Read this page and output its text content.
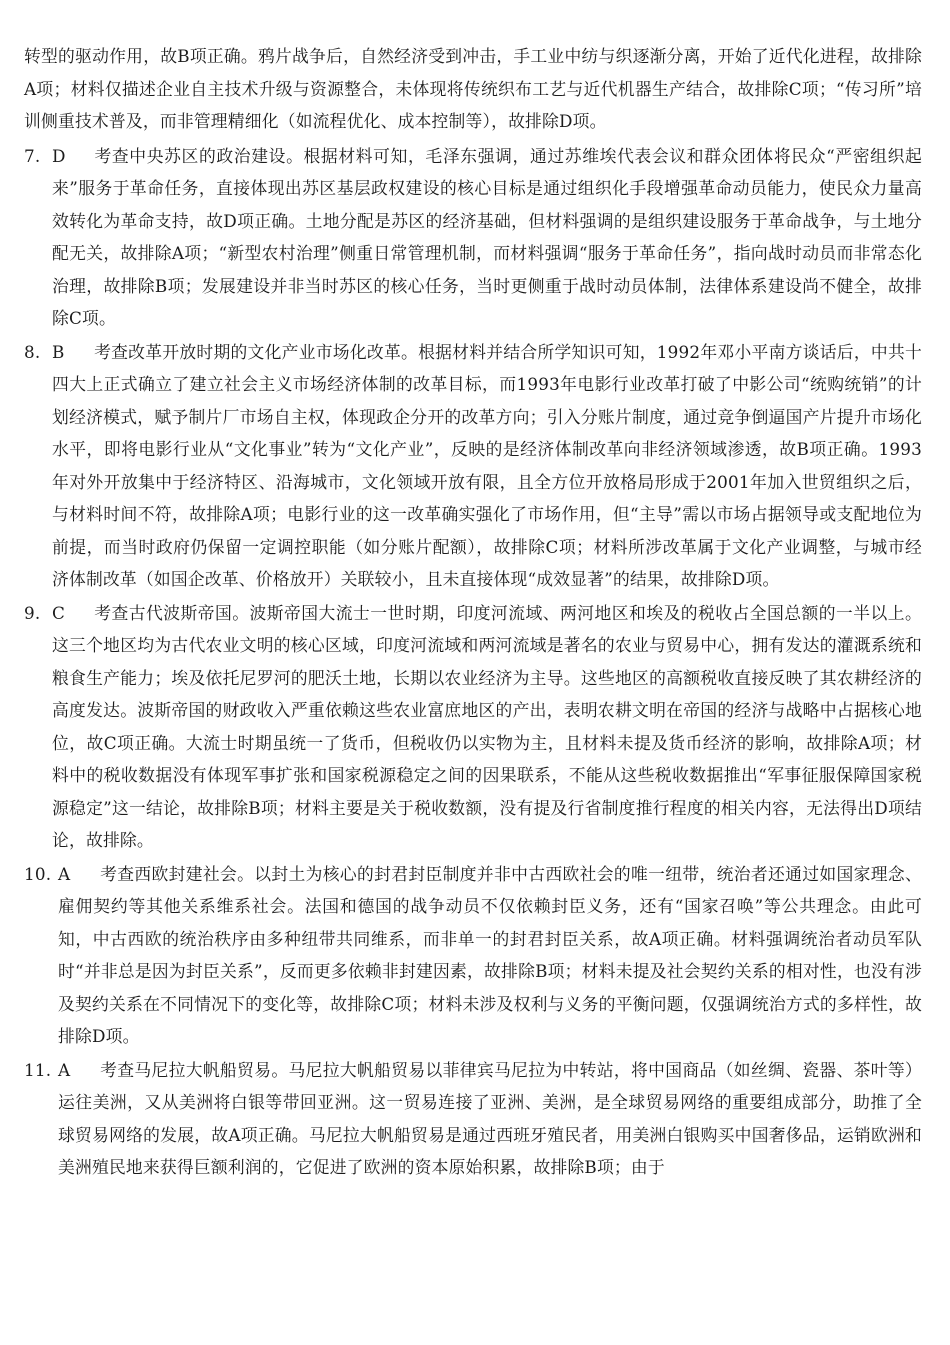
转型的驱动作用，故B项正确。鸦片战争后，自然经济受到冲击，手工业中纺与织逐渐分离，开始了近代化进程，故排除A项；材料仅描述企业自主技术升级与资源整合，未体现将传统织布工艺与近代机器生产结合，故排除C项；“传习所”培训侧重技术普及，而非管理精细化（如流程优化、成本控制等），故排除D项。

7. D 考查中央苏区的政治建设。根据材料可知，毛泽东强调，通过苏维埃代表会议和群众团体将民众“严密组织起来”服务于革命任务，直接体现出苏区基层政权建设的核心目标是通过组织化手段增强革命动员能力，使民众力量高效转化为革命支持，故D项正确。土地分配是苏区的经济基础，但材料强调的是组织建设服务于革命战争，与土地分配无关，故排除A项；“新型农村治理”侧重日常管理机制，而材料强调“服务于革命任务”，指向战时动员而非常态化治理，故排除B项；发展建设并非当时苏区的核心任务，当时更侧重于战时动员体制，法律体系建设尚不健全，故排除C项。
8. B 考查改革开放时期的文化产业市场化改革。根据材料并结合所学知识可知，1992年邓小平南方谈话后，中共十四大上正式确立了建立社会主义市场经济体制的改革目标，而1993年电影行业改革打破了中影公司“统购统销”的计划经济模式，赋予制片厂市场自主权，体现政企分开的改革方向；引入分账片制度，通过竞争倒逼国产片提升市场化水平，即将电影行业从“文化事业”转为“文化产业”，反映的是经济体制改革向非经济领域渗透，故B项正确。1993年对外开放集中于经济特区、沿海城市，文化领域开放有限，且全方位开放格局形成于2001年加入世贸组织之后，与材料时间不符，故排除A项；电影行业的这一改革确实强化了市场作用，但“主导”需以市场占据领导或支配地位为前提，而当时政府仍保留一定调控职能（如分账片配额），故排除C项；材料所涉改革属于文化产业调整，与城市经济体制改革（如国企改革、价格放开）关联较小，且未直接体现“成效显著”的结果，故排除D项。
9. C 考查古代波斯帝国。波斯帝国大流士一世时期，印度河流域、两河地区和埃及的税收占全国总额的一半以上。这三个地区均为古代农业文明的核心区域，印度河流域和两河流域是著名的农业与贸易中心，拥有发达的灌溉系统和粮食生产能力；埃及依托尼罗河的肥沃土地，长期以农业经济为主导。这些地区的高额税收直接反映了其农耕经济的高度发达。波斯帝国的财政收入严重依赖这些农业富庶地区的产出，表明农耕文明在帝国的经济与战略中占据核心地位，故C项正确。大流士时期虽统一了货币，但税收仍以实物为主，且材料未提及货币经济的影响，故排除A项；材料中的税收数据没有体现军事扩张和国家税源稳定之间的因果联系，不能从这些税收数据推出“军事征服保障国家税源稳定”这一结论，故排除B项；材料主要是关于税收数额，没有提及行省制度推行程度的相关内容，无法得出D项结论，故排除。
10. A 考查西欧封建社会。以封土为核心的封君封臣制度并非中古西欧社会的唯一纽带，统治者还通过如国家理念、雇佣契约等其他关系维系社会。法国和德国的战争动员不仅依赖封臣义务，还有“国家召唤”等公共理念。由此可知，中古西欧的统治秩序由多种纽带共同维系，而非单一的封君封臣关系，故A项正确。材料强调统治者动员军队时“并非总是因为封臣关系”，反而更多依赖非封建因素，故排除B项；材料未提及社会契约关系的相对性，也没有涉及契约关系在不同情况下的变化等，故排除C项；材料未涉及权利与义务的平衡问题，仅强调统治方式的多样性，故排除D项。
11. A 考查马尼拉大帆船贸易。马尼拉大帆船贸易以菲律宾马尼拉为中转站，将中国商品（如丝绸、瓷器、茶叶等）运往美洲，又从美洲将白银等带回亚洲。这一贸易连接了亚洲、美洲，是全球贸易网络的重要组成部分，助推了全球贸易网络的发展，故A项正确。马尼拉大帆船贸易是通过西班牙殖民者，用美洲白银购买中国奢侈品，运销欧洲和美洲殖民地来获得巨额利润的，它促进了欧洲的资本原始积累，故排除B项；由于
